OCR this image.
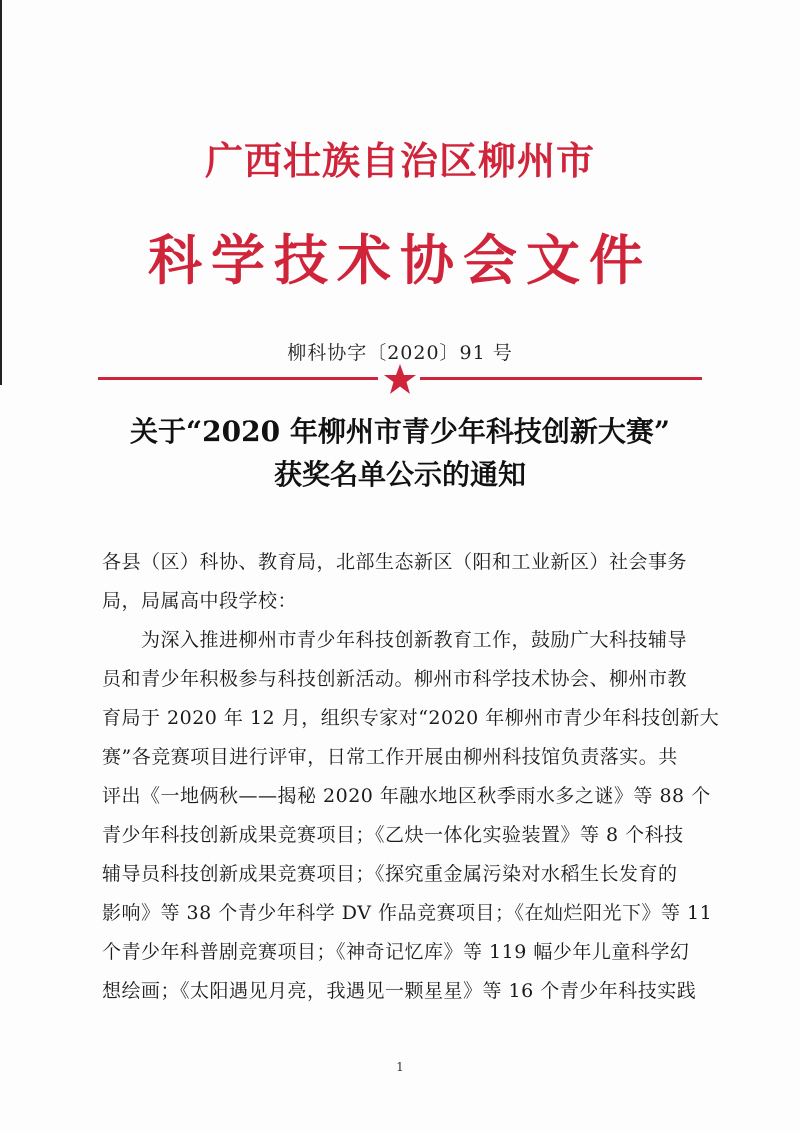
广西壮族自治区柳州市
科学技术协会文件
柳科协字〔2020〕91 号
关于“2020 年柳州市青少年科技创新大赛”
获奖名单公示的通知
各县（区）科协、教育局，北部生态新区（阳和工业新区）社会事务
局，局属高中段学校：
　　为深入推进柳州市青少年科技创新教育工作，鼓励广大科技辅导
员和青少年积极参与科技创新活动。柳州市科学技术协会、柳州市教
育局于 2020 年 12 月，组织专家对“2020 年柳州市青少年科技创新大
赛”各竞赛项目进行评审，日常工作开展由柳州科技馆负责落实。共
评出《一地俩秋——揭秘 2020 年融水地区秋季雨水多之谜》等 88 个
青少年科技创新成果竞赛项目；《乙炔一体化实验装置》等 8 个科技
辅导员科技创新成果竞赛项目；《探究重金属污染对水稻生长发育的
影响》等 38 个青少年科学 DV 作品竞赛项目；《在灿烂阳光下》等 11
个青少年科普剧竞赛项目；《神奇记忆库》等 119 幅少年儿童科学幻
想绘画；《太阳遇见月亮，我遇见一颗星星》等 16 个青少年科技实践
1
